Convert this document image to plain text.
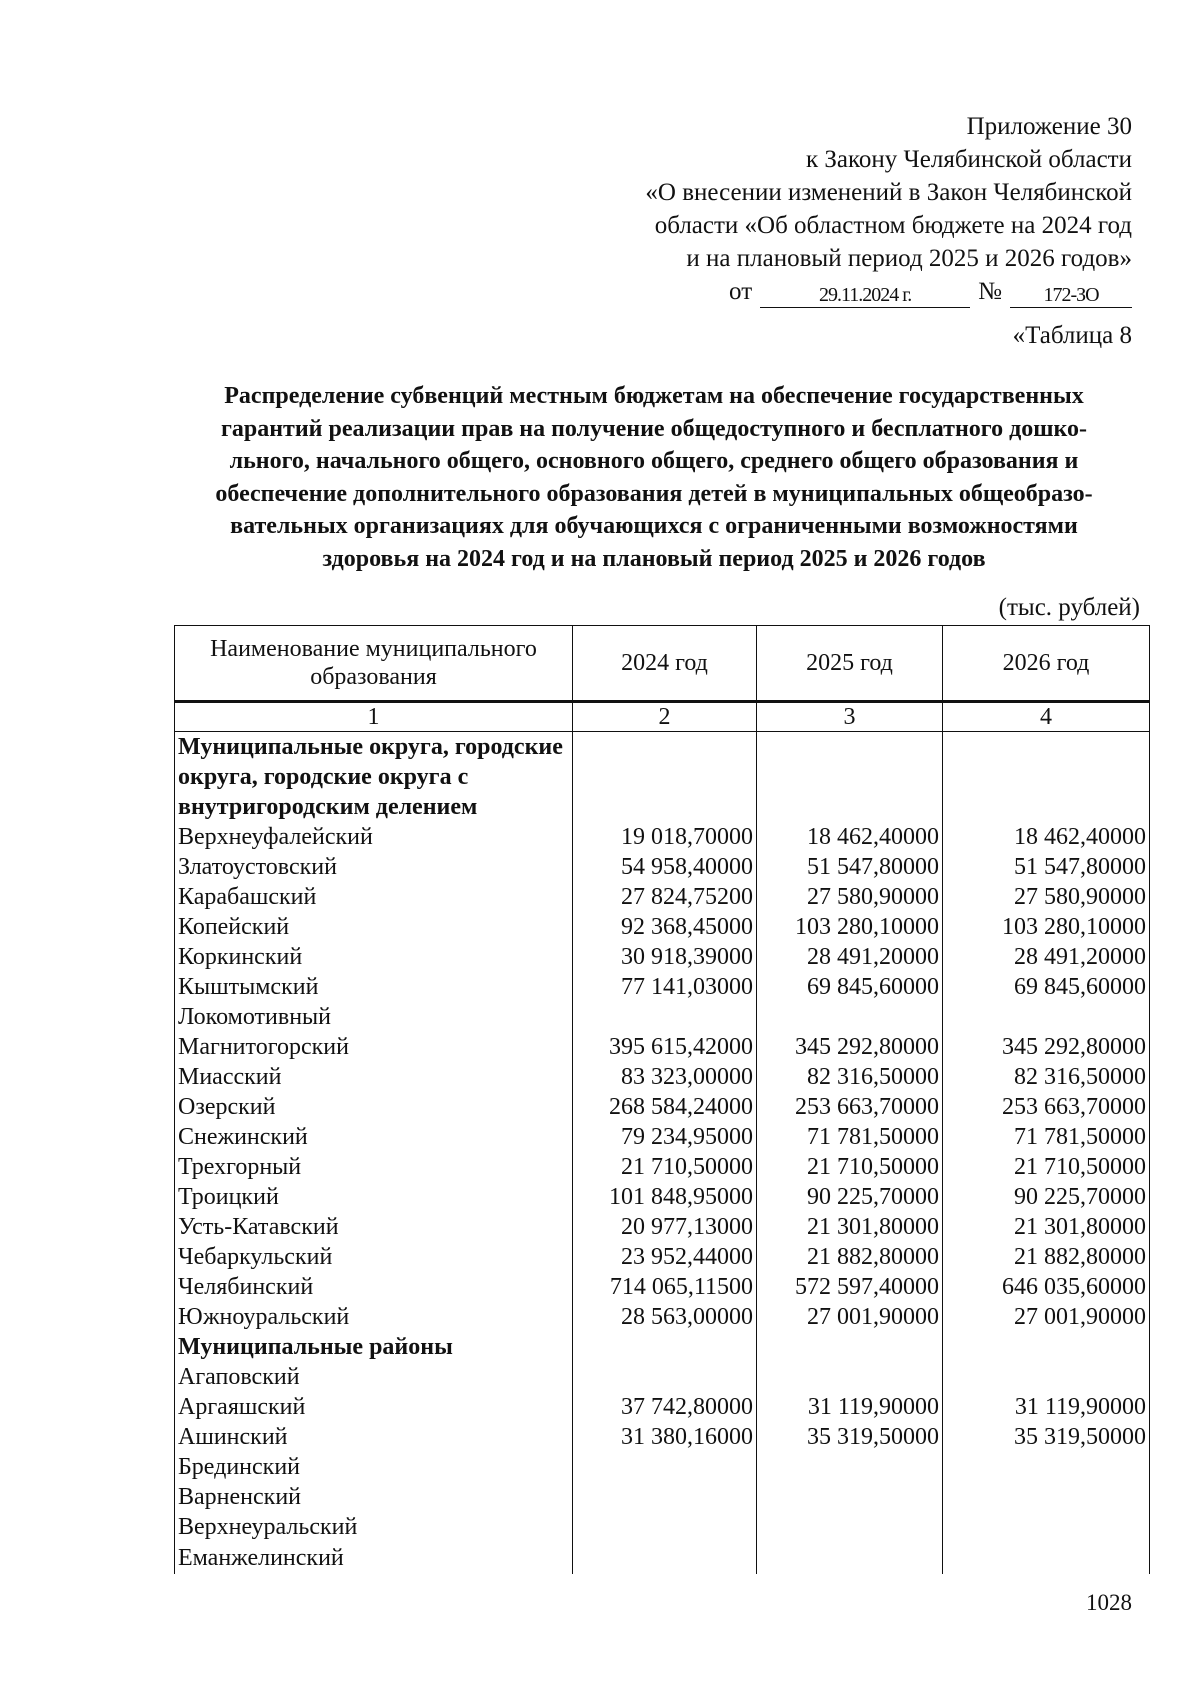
Приложение 30
к Закону Челябинской области
«О внесении изменений в Закон Челябинской
области «Об областном бюджете на 2024 год
и на плановый период 2025 и 2026 годов»
от	29.11.2024 г.	№	172-ЗО
«Таблица 8
Распределение субвенций местным бюджетам на обеспечение государственных
гарантий реализации прав на получение общедоступного и бесплатного дошко-
льного, начального общего, основного общего, среднего общего образования и
обеспечение дополнительного образования детей в муниципальных общеобразо-
вательных организациях для обучающихся с ограниченными возможностями
здоровья на 2024 год и на плановый период 2025 и 2026 годов
(тыс. рублей)
Наименование муниципального образования	2024 год	2025 год	2026 год
1	2	3	4
Муниципальные округа, городские округа, городские округа с внутригородским делением			
Верхнеуфалейский	19 018,70000	18 462,40000	18 462,40000
Златоустовский	54 958,40000	51 547,80000	51 547,80000
Карабашский	27 824,75200	27 580,90000	27 580,90000
Копейский	92 368,45000	103 280,10000	103 280,10000
Коркинский	30 918,39000	28 491,20000	28 491,20000
Кыштымский	77 141,03000	69 845,60000	69 845,60000
Локомотивный			
Магнитогорский	395 615,42000	345 292,80000	345 292,80000
Миасский	83 323,00000	82 316,50000	82 316,50000
Озерский	268 584,24000	253 663,70000	253 663,70000
Снежинский	79 234,95000	71 781,50000	71 781,50000
Трехгорный	21 710,50000	21 710,50000	21 710,50000
Троицкий	101 848,95000	90 225,70000	90 225,70000
Усть-Катавский	20 977,13000	21 301,80000	21 301,80000
Чебаркульский	23 952,44000	21 882,80000	21 882,80000
Челябинский	714 065,11500	572 597,40000	646 035,60000
Южноуральский	28 563,00000	27 001,90000	27 001,90000
Муниципальные районы			
Агаповский			
Аргаяшский	37 742,80000	31 119,90000	31 119,90000
Ашинский	31 380,16000	35 319,50000	35 319,50000
Брединский			
Варненский			
Верхнеуральский			
Еманжелинский			
1028
